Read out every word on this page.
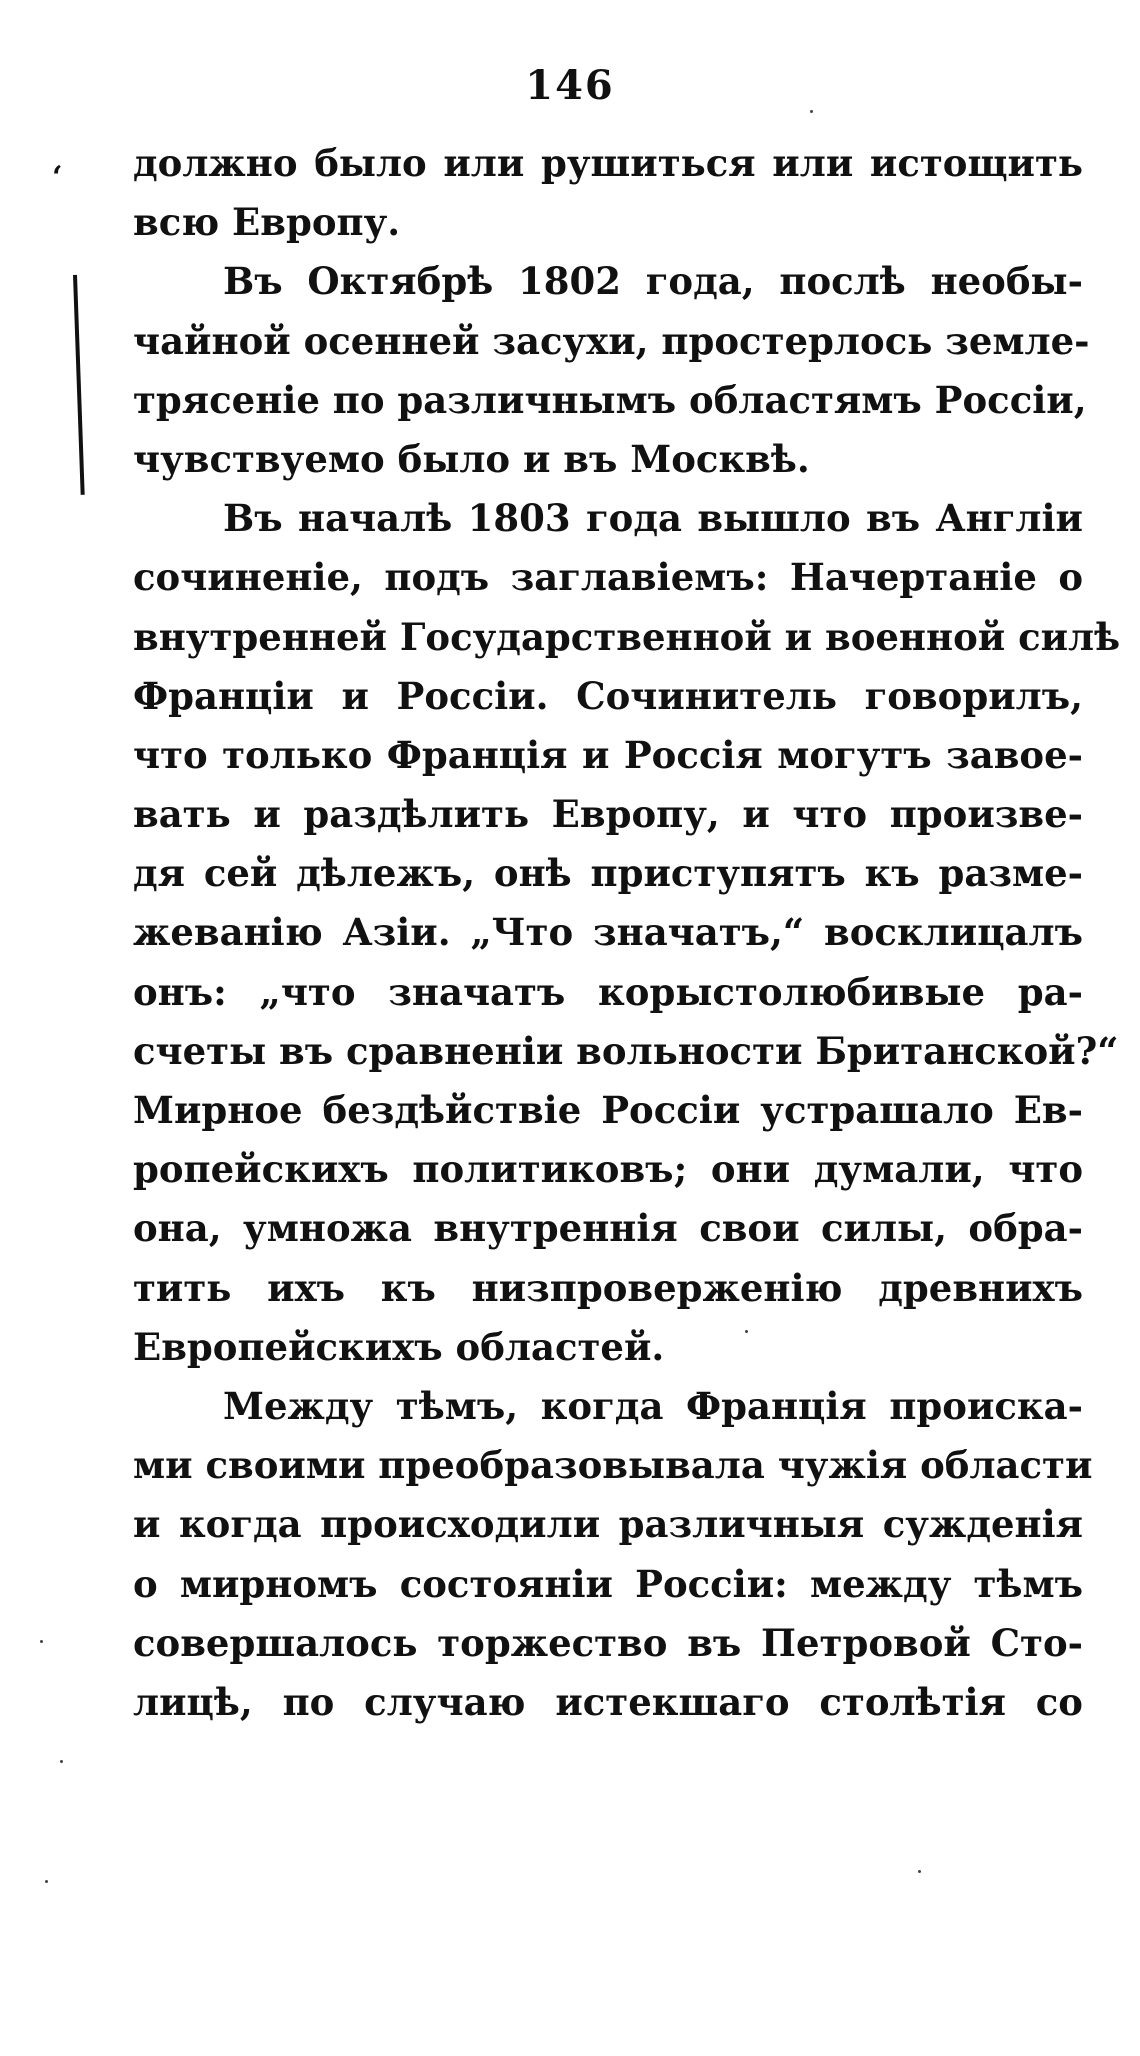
146
‘ должно было или рушиться или истощить
всю Европу.
Въ Октябрѣ 1802 года, послѣ необы-
чайной осенней засухи, простерлось земле-
трясеніе по различнымъ областямъ Россіи,
чувствуемо было и въ Москвѣ.
Въ началѣ 1803 года вышло въ Англіи
сочиненіе, подъ заглавіемъ: Начертаніе о
внутренней Государственной и военной силѣ
Франціи и Россіи. Сочинитель говорилъ,
что только Франція и Россія могутъ завое-
вать и раздѣлить Европу, и что произве-
дя сей дѣлежъ, онѣ приступятъ къ разме-
жеванію Азіи. „Что значатъ,“ восклицалъ
онъ: „что значатъ корыстолюбивые ра-
счеты въ сравненіи вольности Британской?“
Мирное бездѣйствіе Россіи устрашало Ев-
ропейскихъ политиковъ; они думали, что
она, умножа внутреннія свои силы, обра-
тить ихъ къ низпроверженію древнихъ
Европейскихъ областей.
Между тѣмъ, когда Франція происка-
ми своими преобразовывала чужія области
и когда происходили различныя сужденія
о мирномъ состояніи Россіи: между тѣмъ
совершалось торжество въ Петровой Сто-
лицѣ, по случаю истекшаго столѣтія со
